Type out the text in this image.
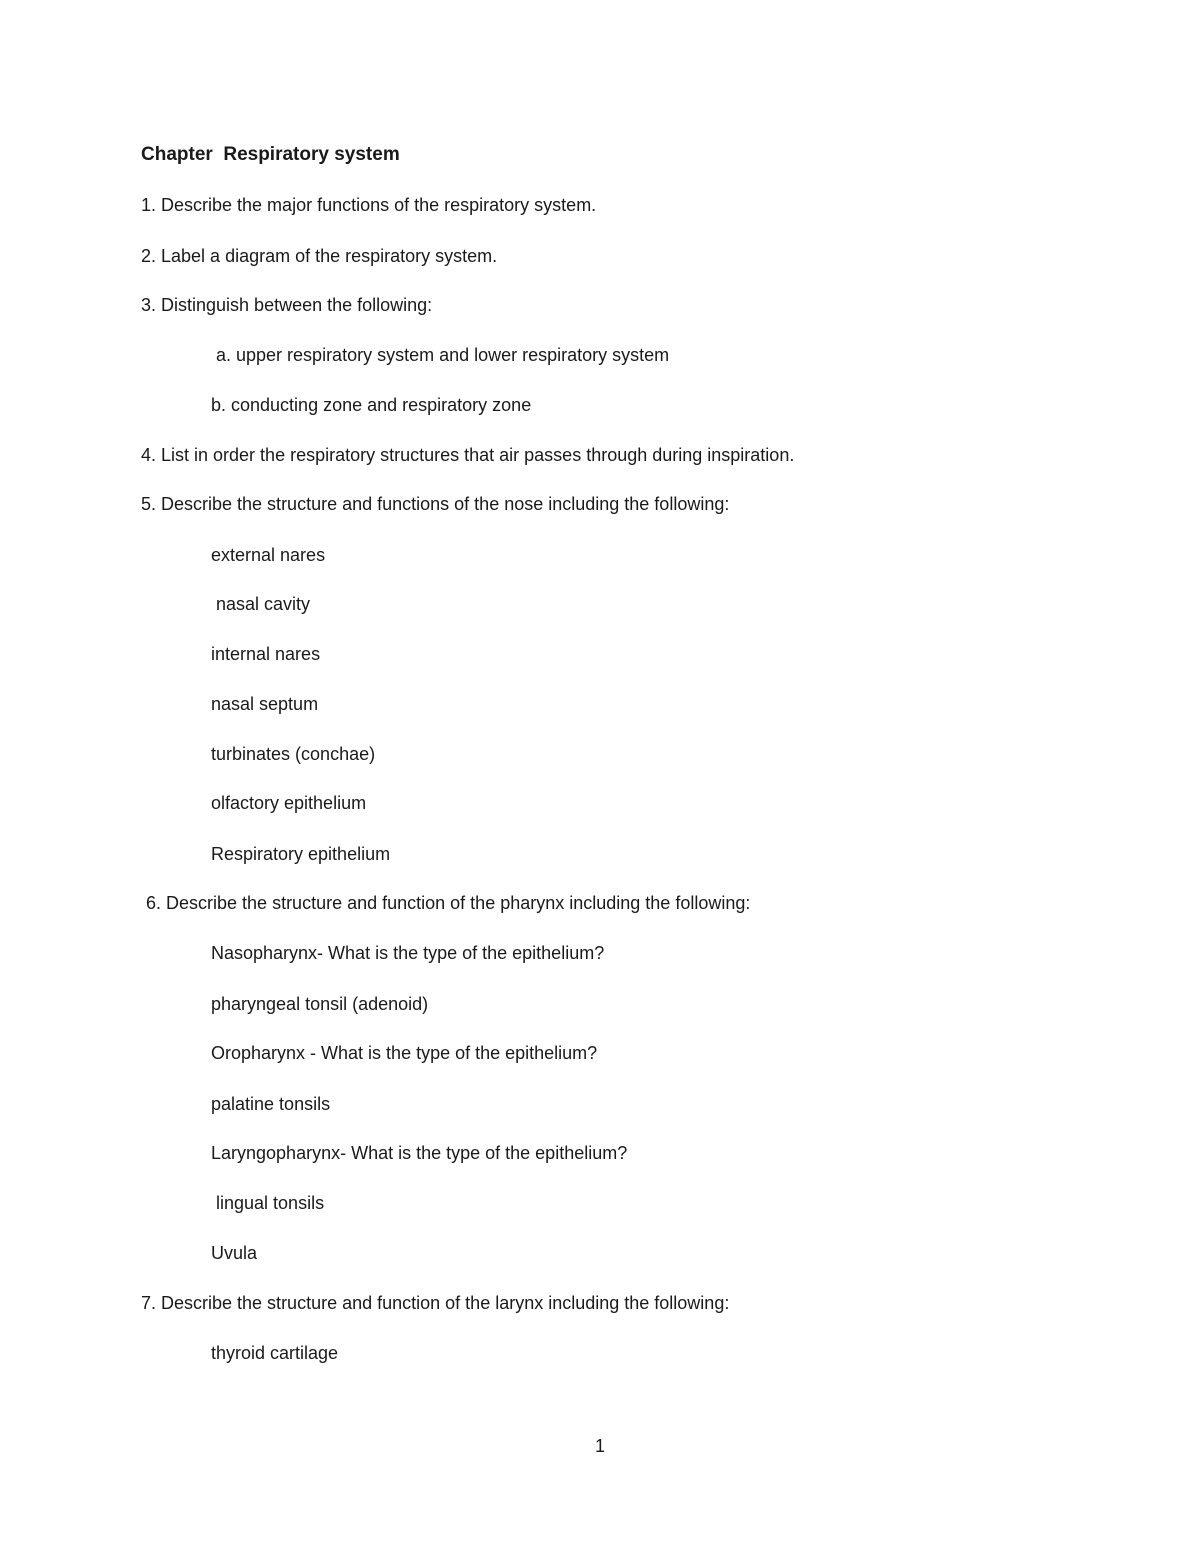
Chapter  Respiratory system
1. Describe the major functions of the respiratory system.
2. Label a diagram of the respiratory system.
3. Distinguish between the following:
a. upper respiratory system and lower respiratory system
b. conducting zone and respiratory zone
4. List in order the respiratory structures that air passes through during inspiration.
5. Describe the structure and functions of the nose including the following:
external nares
nasal cavity
internal nares
nasal septum
turbinates (conchae)
olfactory epithelium
Respiratory epithelium
6. Describe the structure and function of the pharynx including the following:
Nasopharynx- What is the type of the epithelium?
pharyngeal tonsil (adenoid)
Oropharynx - What is the type of the epithelium?
palatine tonsils
Laryngopharynx- What is the type of the epithelium?
lingual tonsils
Uvula
7. Describe the structure and function of the larynx including the following:
thyroid cartilage
1
